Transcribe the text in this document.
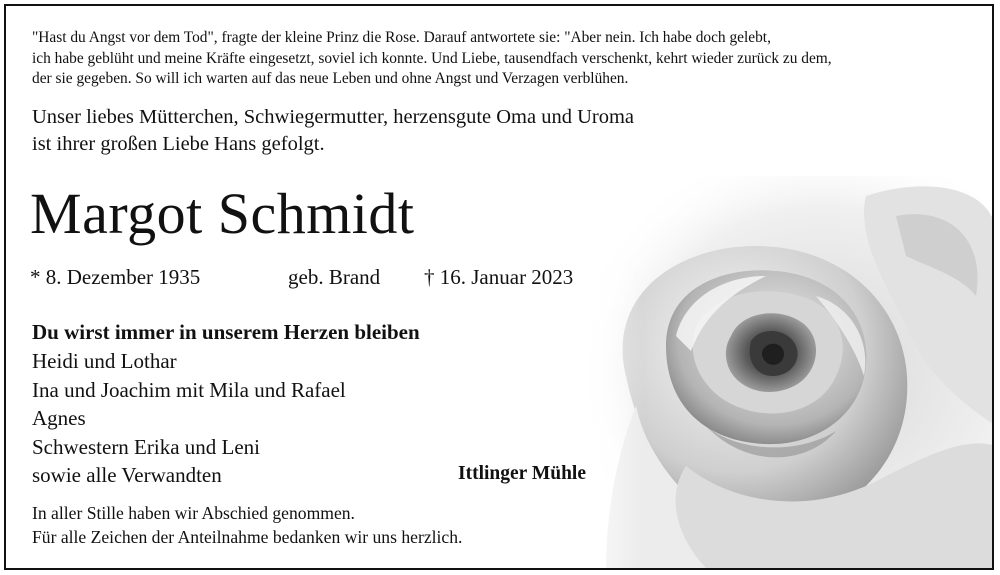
"Hast du Angst vor dem Tod", fragte der kleine Prinz die Rose. Darauf antwortete sie: "Aber nein. Ich habe doch gelebt,
ich habe geblüht und meine Kräfte eingesetzt, soviel ich konnte. Und Liebe, tausendfach verschenkt, kehrt wieder zurück zu dem,
der sie gegeben. So will ich warten auf das neue Leben und ohne Angst und Verzagen verblühen.
Unser liebes Mütterchen, Schwiegermutter, herzensgute Oma und Uroma
ist ihrer großen Liebe Hans gefolgt.
Margot Schmidt
* 8. Dezember 1935	geb. Brand † 16. Januar 2023
Du wirst immer in unserem Herzen bleiben
Heidi und Lothar
Ina und Joachim mit Mila und Rafael
Agnes
Schwestern Erika und Leni
sowie alle Verwandten	Ittlinger Mühle
In aller Stille haben wir Abschied genommen.
Für alle Zeichen der Anteilnahme bedanken wir uns herzlich.
